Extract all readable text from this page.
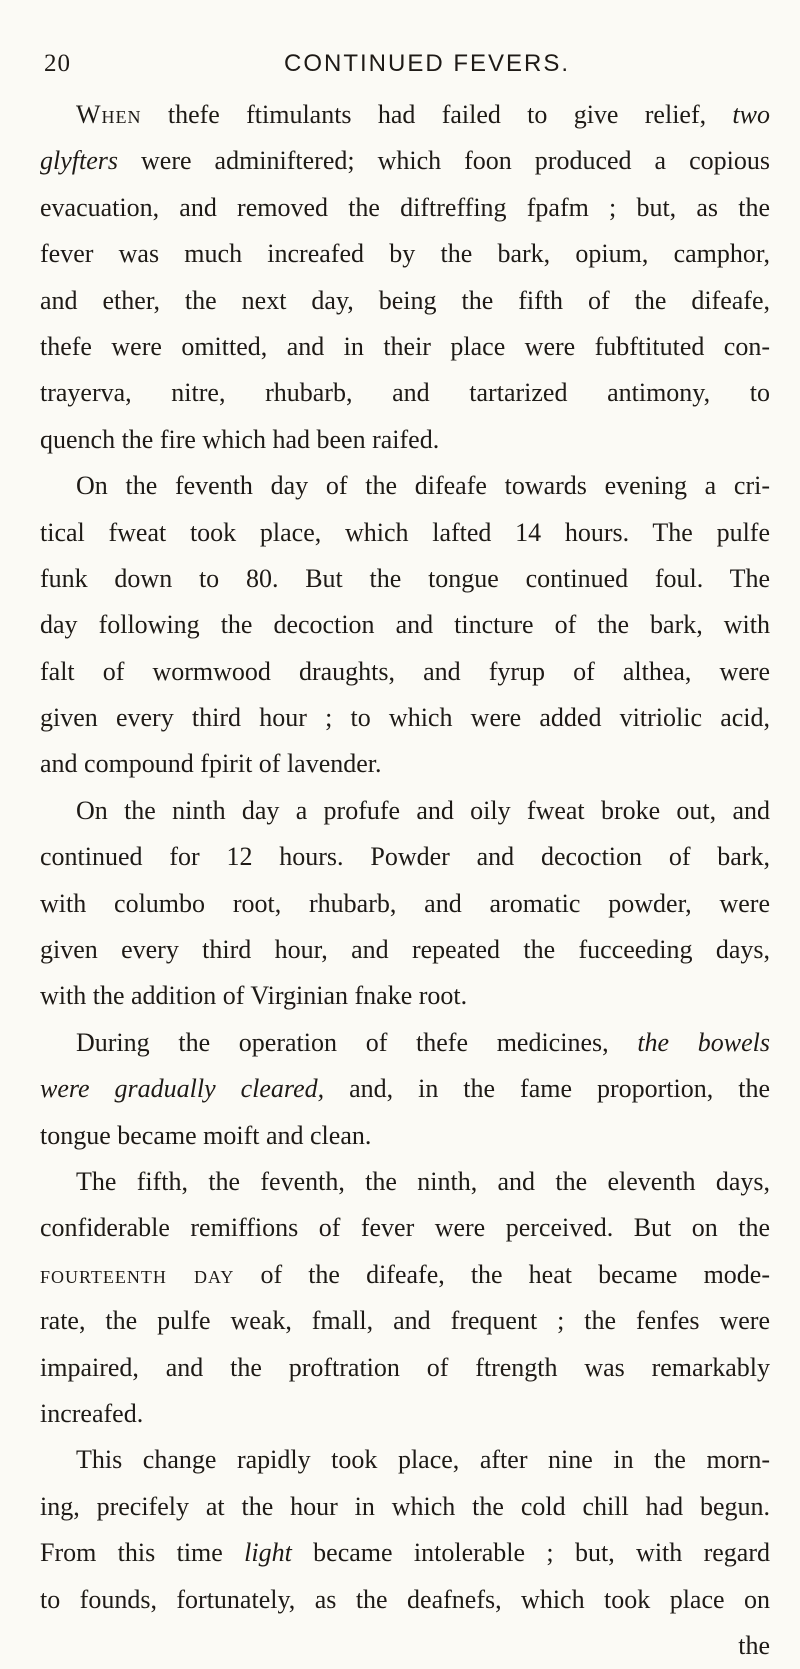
20	CONTINUED FEVERS.
When thefe ftimulants had failed to give relief, two
glyfters were adminiftered; which foon produced a copious
evacuation, and removed the diftreffing fpafm ; but, as the
fever was much increafed by the bark, opium, camphor,
and ether, the next day, being the fifth of the difeafe,
thefe were omitted, and in their place were fubftituted con-
trayerva, nitre, rhubarb, and tartarized antimony, to
quench the fire which had been raifed.
On the feventh day of the difeafe towards evening a cri-
tical fweat took place, which lafted 14 hours. The pulfe
funk down to 80. But the tongue continued foul. The
day following the decoction and tincture of the bark, with
falt of wormwood draughts, and fyrup of althea, were
given every third hour ; to which were added vitriolic acid,
and compound fpirit of lavender.
On the ninth day a profufe and oily fweat broke out, and
continued for 12 hours. Powder and decoction of bark,
with columbo root, rhubarb, and aromatic powder, were
given every third hour, and repeated the fucceeding days,
with the addition of Virginian fnake root.
During the operation of thefe medicines, the bowels
were gradually cleared, and, in the fame proportion, the
tongue became moift and clean.
The fifth, the feventh, the ninth, and the eleventh days,
confiderable remiffions of fever were perceived. But on the
fourteenth day of the difeafe, the heat became mode-
rate, the pulfe weak, fmall, and frequent ; the fenfes were
impaired, and the proftration of ftrength was remarkably
increafed.
This change rapidly took place, after nine in the morn-
ing, precifely at the hour in which the cold chill had begun.
From this time light became intolerable ; but, with regard
to founds, fortunately, as the deafnefs, which took place on
the
